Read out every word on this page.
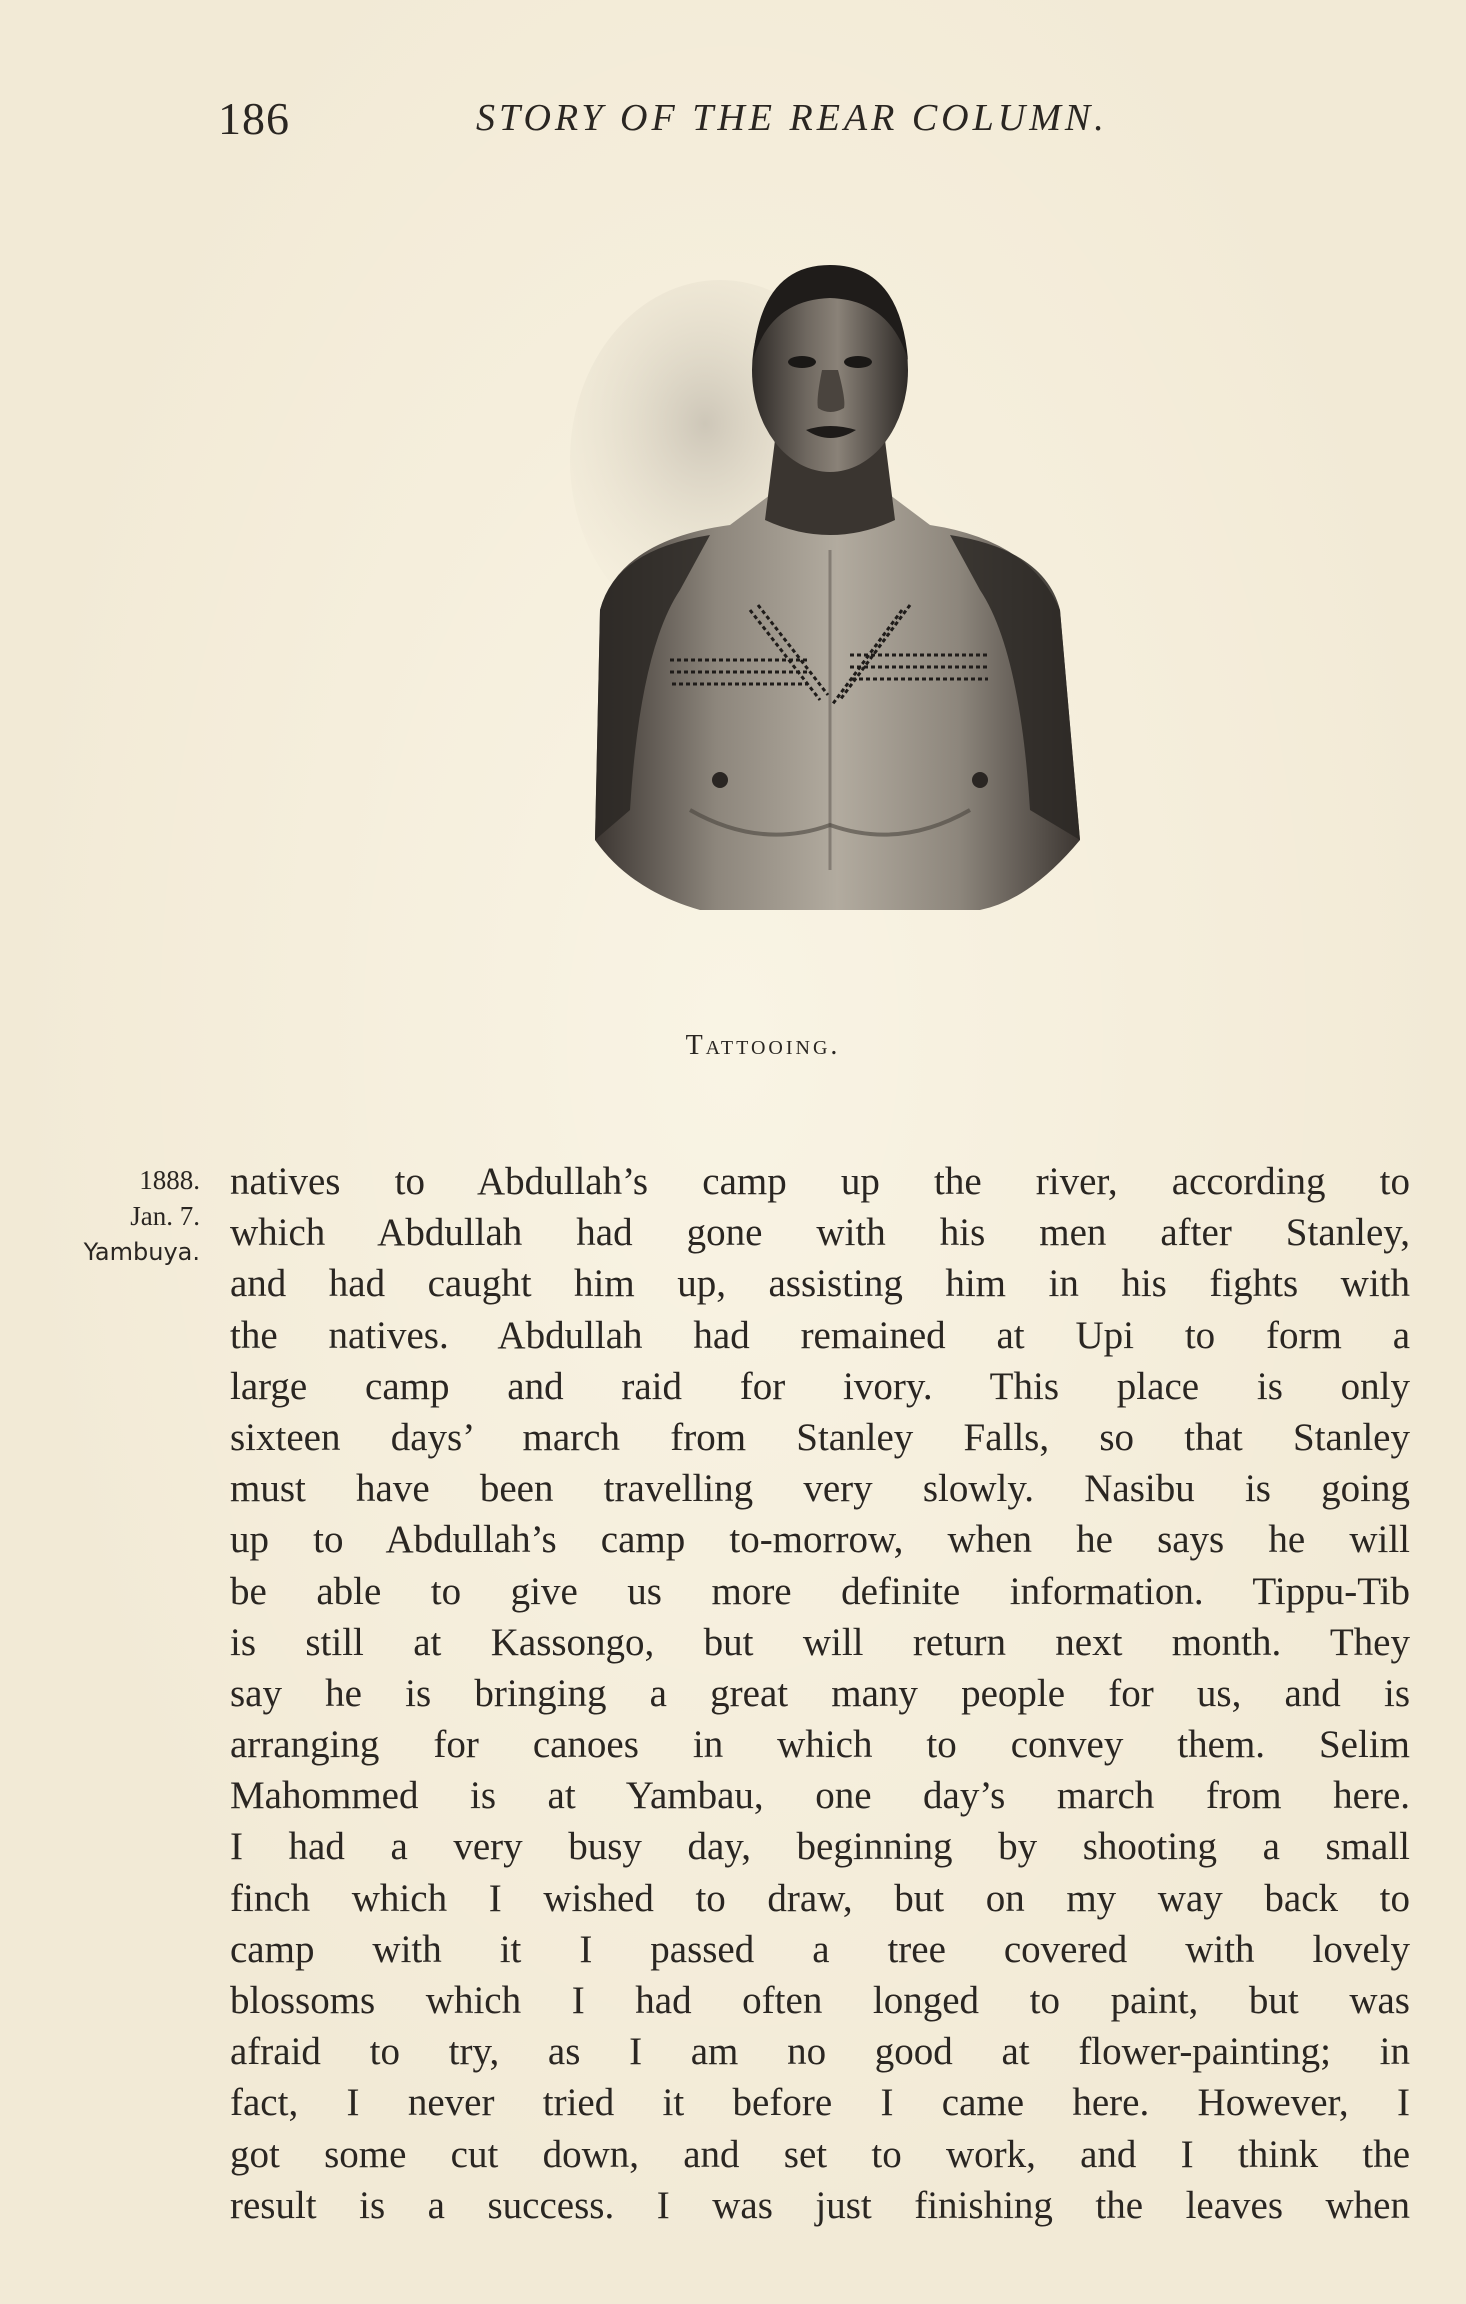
186	STORY OF THE REAR COLUMN.
Tattooing.
1888.
Jan. 7.
Yambuya.
natives to Abdullah’s camp up the river, according to
which Abdullah had gone with his men after Stanley,
and had caught him up, assisting him in his fights with
the natives. Abdullah had remained at Upi to form a
large camp and raid for ivory. This place is only
sixteen days’ march from Stanley Falls, so that Stanley
must have been travelling very slowly. Nasibu is going
up to Abdullah’s camp to-morrow, when he says he will
be able to give us more definite information. Tippu-Tib
is still at Kassongo, but will return next month. They
say he is bringing a great many people for us, and is
arranging for canoes in which to convey them. Selim
Mahommed is at Yambau, one day’s march from here.
I had a very busy day, beginning by shooting a small
finch which I wished to draw, but on my way back to
camp with it I passed a tree covered with lovely
blossoms which I had often longed to paint, but was
afraid to try, as I am no good at flower-painting; in
fact, I never tried it before I came here. However, I
got some cut down, and set to work, and I think the
result is a success. I was just finishing the leaves when
